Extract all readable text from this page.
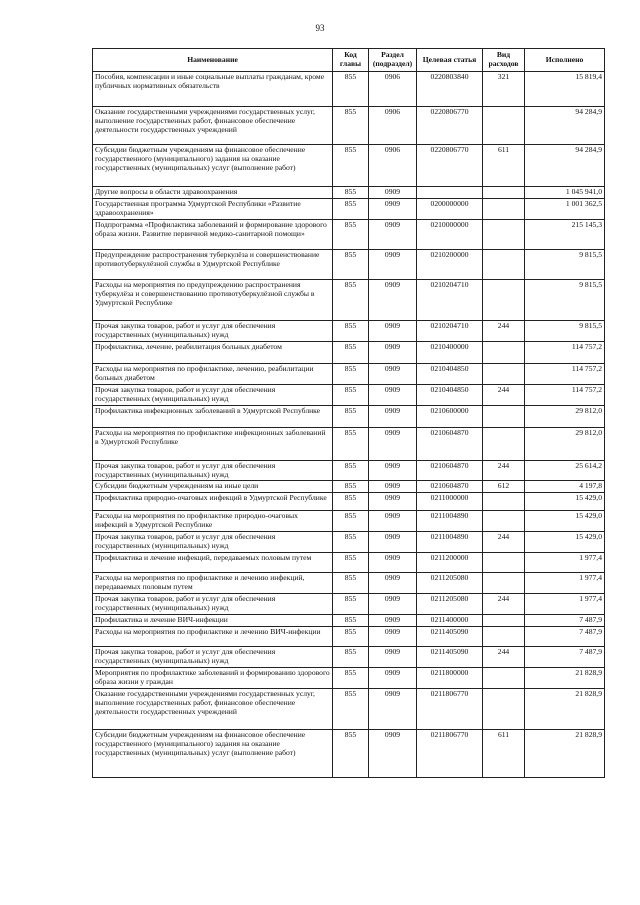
93
Наименование	Код главы	Раздел (подраздел)	Целевая статья	Вид расходов	Исполнено
Пособия, компенсации и иные социальные выплаты гражданам, кроме публичных нормативных обязательств	855	0906	0220803840	321	15 819,4
Оказание государственными учреждениями государственных услуг, выполнение государственных работ, финансовое обеспечение деятельности государственных учреждений	855	0906	0220806770		94 284,9
Субсидии бюджетным учреждениям на финансовое обеспечение государственного (муниципального) задания на оказание государственных (муниципальных) услуг (выполнение работ)	855	0906	0220806770	611	94 284,9
Другие вопросы в области здравоохранения	855	0909			1 045 941,0
Государственная программа Удмуртской Республики «Развитие здравоохранения»	855	0909	0200000000		1 001 362,5
Подпрограмма «Профилактика заболеваний и формирование здорового образа жизни. Развитие первичной медико-санитарной помощи»	855	0909	0210000000		215 145,3
Предупреждение распространения туберкулёза и совершенствование противотуберкулёзной службы в Удмуртской Республике	855	0909	0210200000		9 815,5
Расходы на мероприятия по предупреждению распространения туберкулёза и совершенствованию противотуберкулёзной службы в Удмуртской Республике	855	0909	0210204710		9 815,5
Прочая закупка товаров, работ и услуг для обеспечения государственных (муниципальных) нужд	855	0909	0210204710	244	9 815,5
Профилактика, лечение, реабилитация больных диабетом	855	0909	0210400000		114 757,2
Расходы на мероприятия по профилактике, лечению, реабилитации больных диабетом	855	0909	0210404850		114 757,2
Прочая закупка товаров, работ и услуг для обеспечения государственных (муниципальных) нужд	855	0909	0210404850	244	114 757,2
Профилактика инфекционных заболеваний в Удмуртской Республике	855	0909	0210600000		29 812,0
Расходы на мероприятия по профилактике инфекционных заболеваний в Удмуртской Республике	855	0909	0210604870		29 812,0
Прочая закупка товаров, работ и услуг для обеспечения государственных (муниципальных) нужд	855	0909	0210604870	244	25 614,2
Субсидии бюджетным учреждениям на иные цели	855	0909	0210604870	612	4 197,8
Профилактика природно-очаговых инфекций в Удмуртской Республике	855	0909	0211000000		15 429,0
Расходы на мероприятия по профилактике природно-очаговых инфекций в Удмуртской Республике	855	0909	0211004890		15 429,0
Прочая закупка товаров, работ и услуг для обеспечения государственных (муниципальных) нужд	855	0909	0211004890	244	15 429,0
Профилактика и лечение инфекций, передаваемых половым путем	855	0909	0211200000		1 977,4
Расходы на мероприятия по профилактике и лечению инфекций, передаваемых половым путем	855	0909	0211205080		1 977,4
Прочая закупка товаров, работ и услуг для обеспечения государственных (муниципальных) нужд	855	0909	0211205080	244	1 977,4
Профилактика и лечение ВИЧ-инфекции	855	0909	0211400000		7 487,9
Расходы на мероприятия по профилактике и лечению ВИЧ-инфекции	855	0909	0211405090		7 487,9
Прочая закупка товаров, работ и услуг для обеспечения государственных (муниципальных) нужд	855	0909	0211405090	244	7 487,9
Мероприятия по профилактике заболеваний и формированию здорового образа жизни у граждан	855	0909	0211800000		21 828,9
Оказание государственными учреждениями государственных услуг, выполнение государственных работ, финансовое обеспечение деятельности государственных учреждений	855	0909	0211806770		21 828,9
Субсидии бюджетным учреждениям на финансовое обеспечение государственного (муниципального) задания на оказание государственных (муниципальных) услуг (выполнение работ)	855	0909	0211806770	611	21 828,9
